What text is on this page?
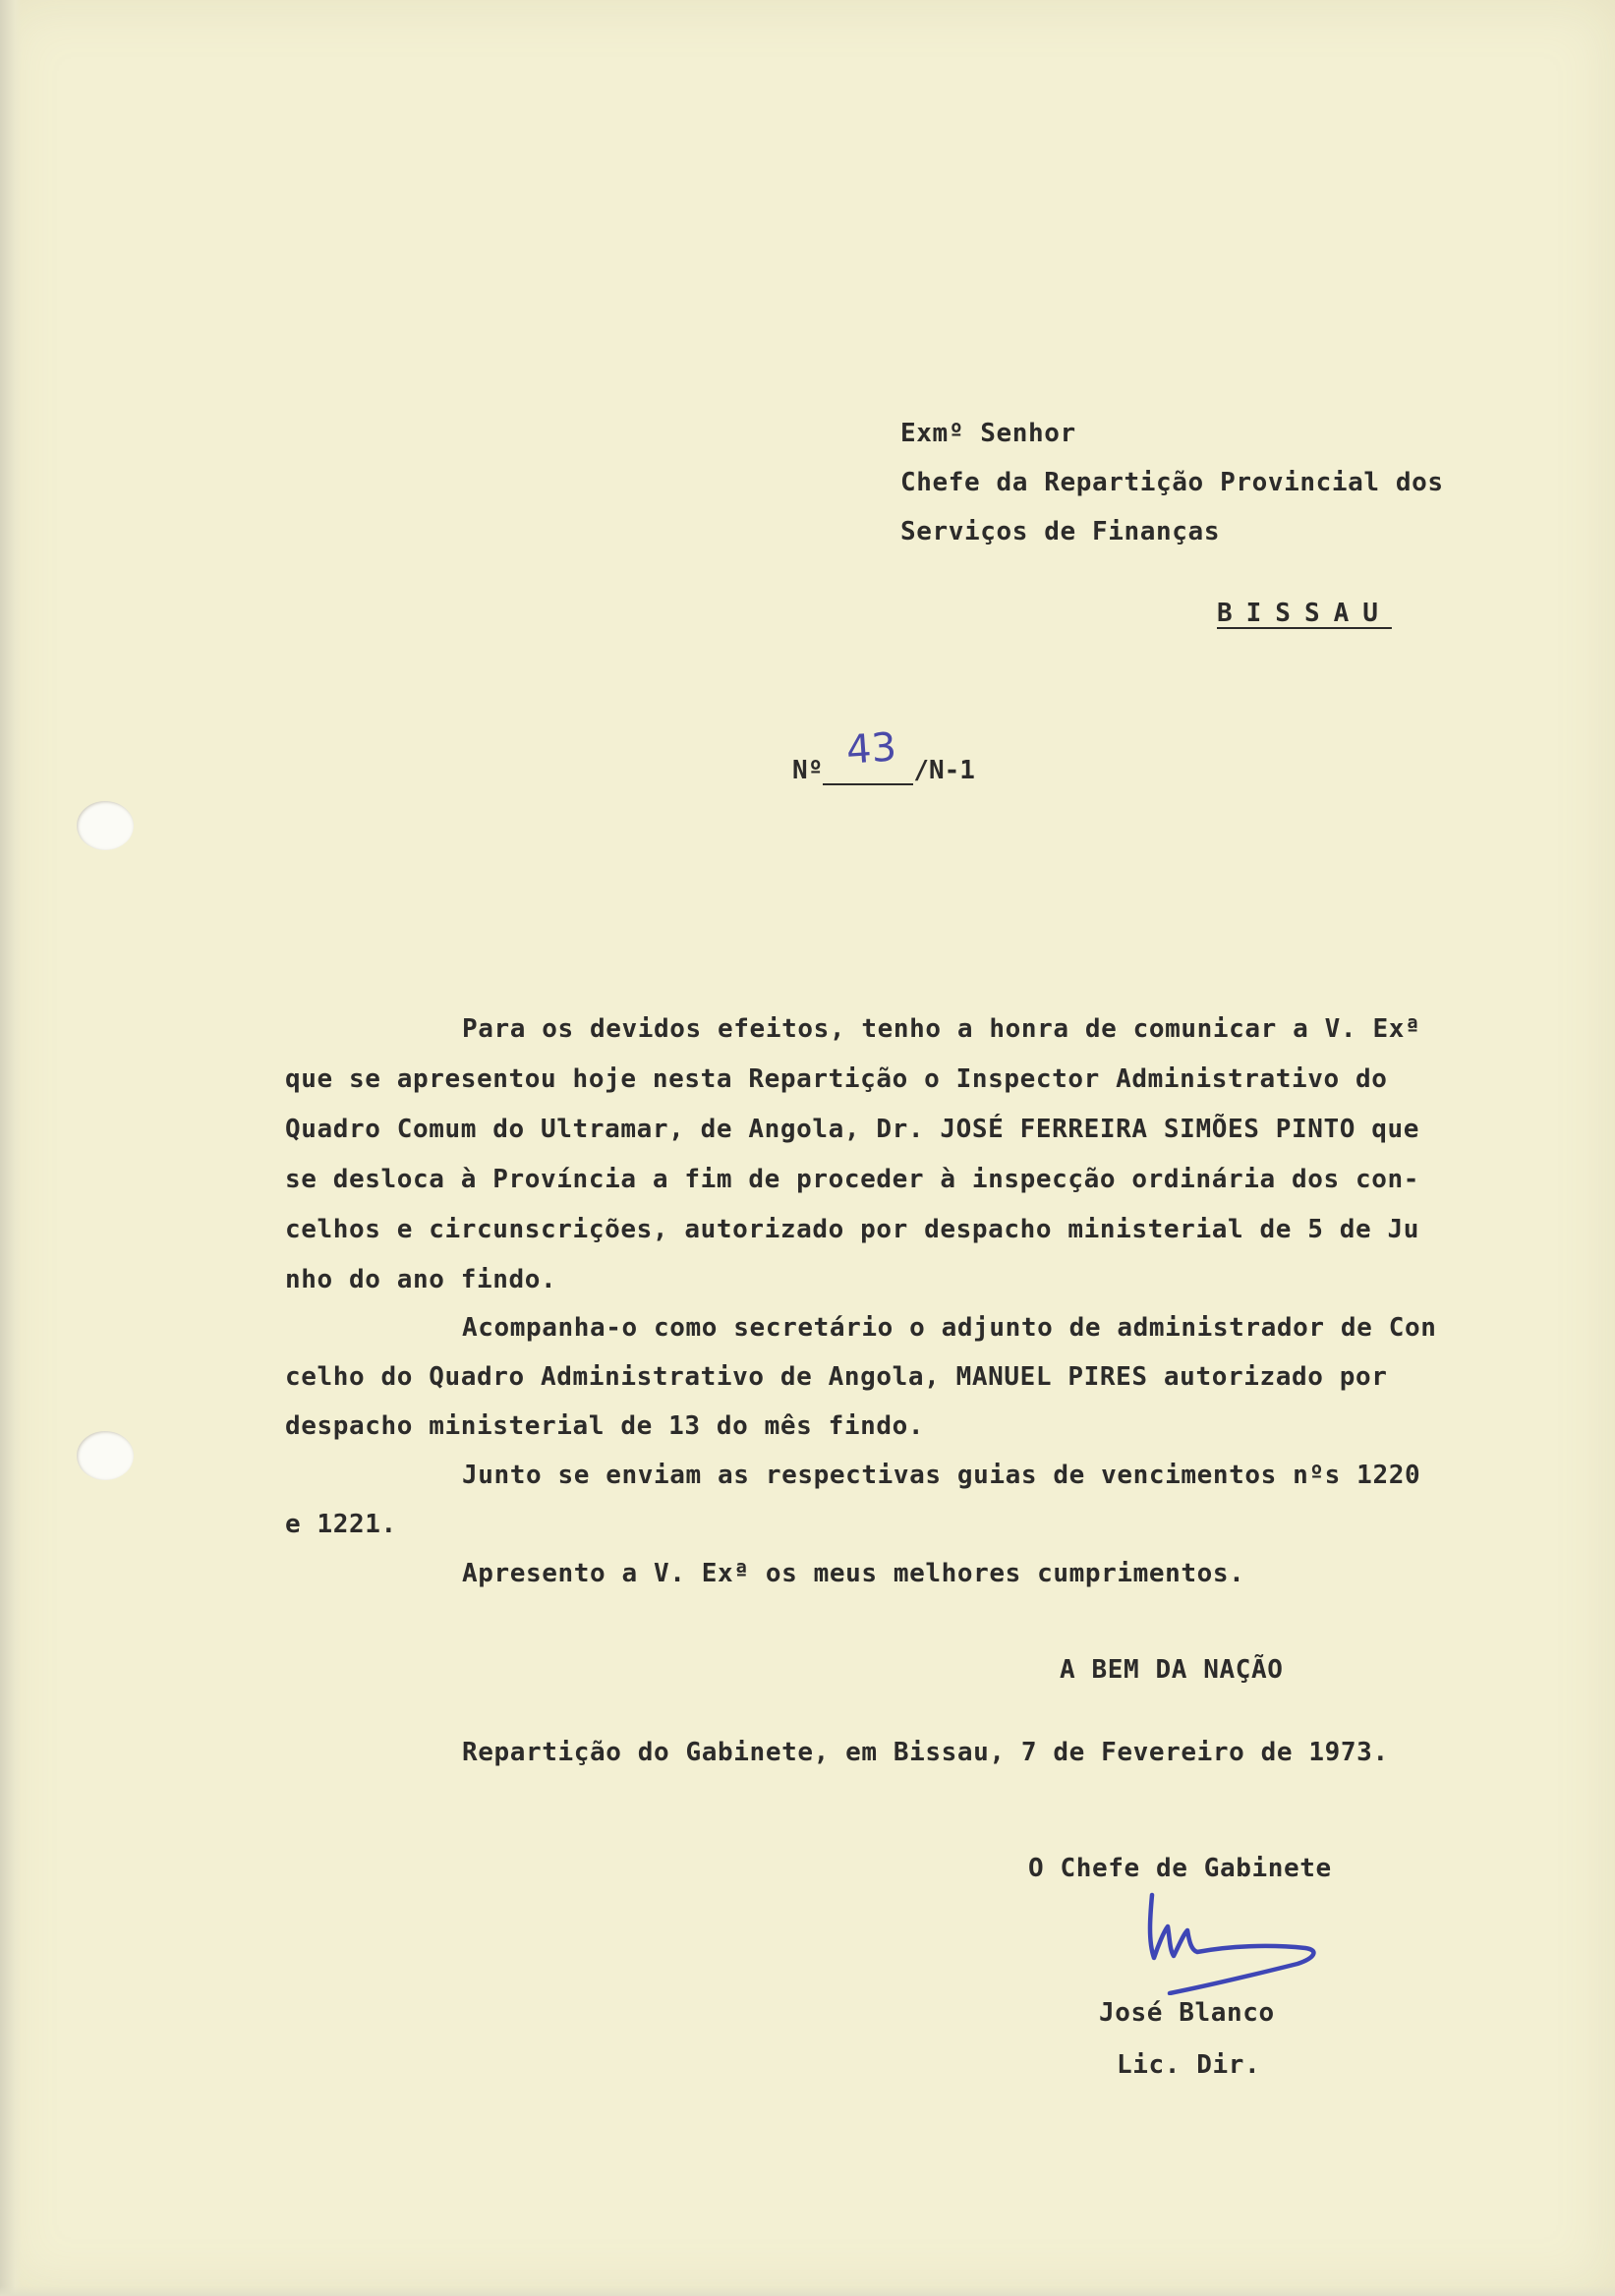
Exmº Senhor

Chefe da Repartição Provincial dos

Serviços de Finanças

BISSAU

Nº 43 /N-1

Para os devidos efeitos, tenho a honra de comunicar a V. Exª

que se apresentou hoje nesta Repartição o Inspector Administrativo do

Quadro Comum do Ultramar, de Angola, Dr. JOSÉ FERREIRA SIMÕES PINTO que

se desloca à Província a fim de proceder à inspecção ordinária dos con-

celhos e circunscrições, autorizado por despacho ministerial de 5 de Ju

nho do ano findo.

Acompanha-o como secretário o adjunto de administrador de Con

celho do Quadro Administrativo de Angola, MANUEL PIRES autorizado por

despacho ministerial de 13 do mês findo.

Junto se enviam as respectivas guias de vencimentos nºs 1220

e 1221.

Apresento a V. Exª os meus melhores cumprimentos.

A BEM DA NAÇÃO

Repartição do Gabinete, em Bissau, 7 de Fevereiro de 1973.

O Chefe de Gabinete

José Blanco

Lic. Dir.
